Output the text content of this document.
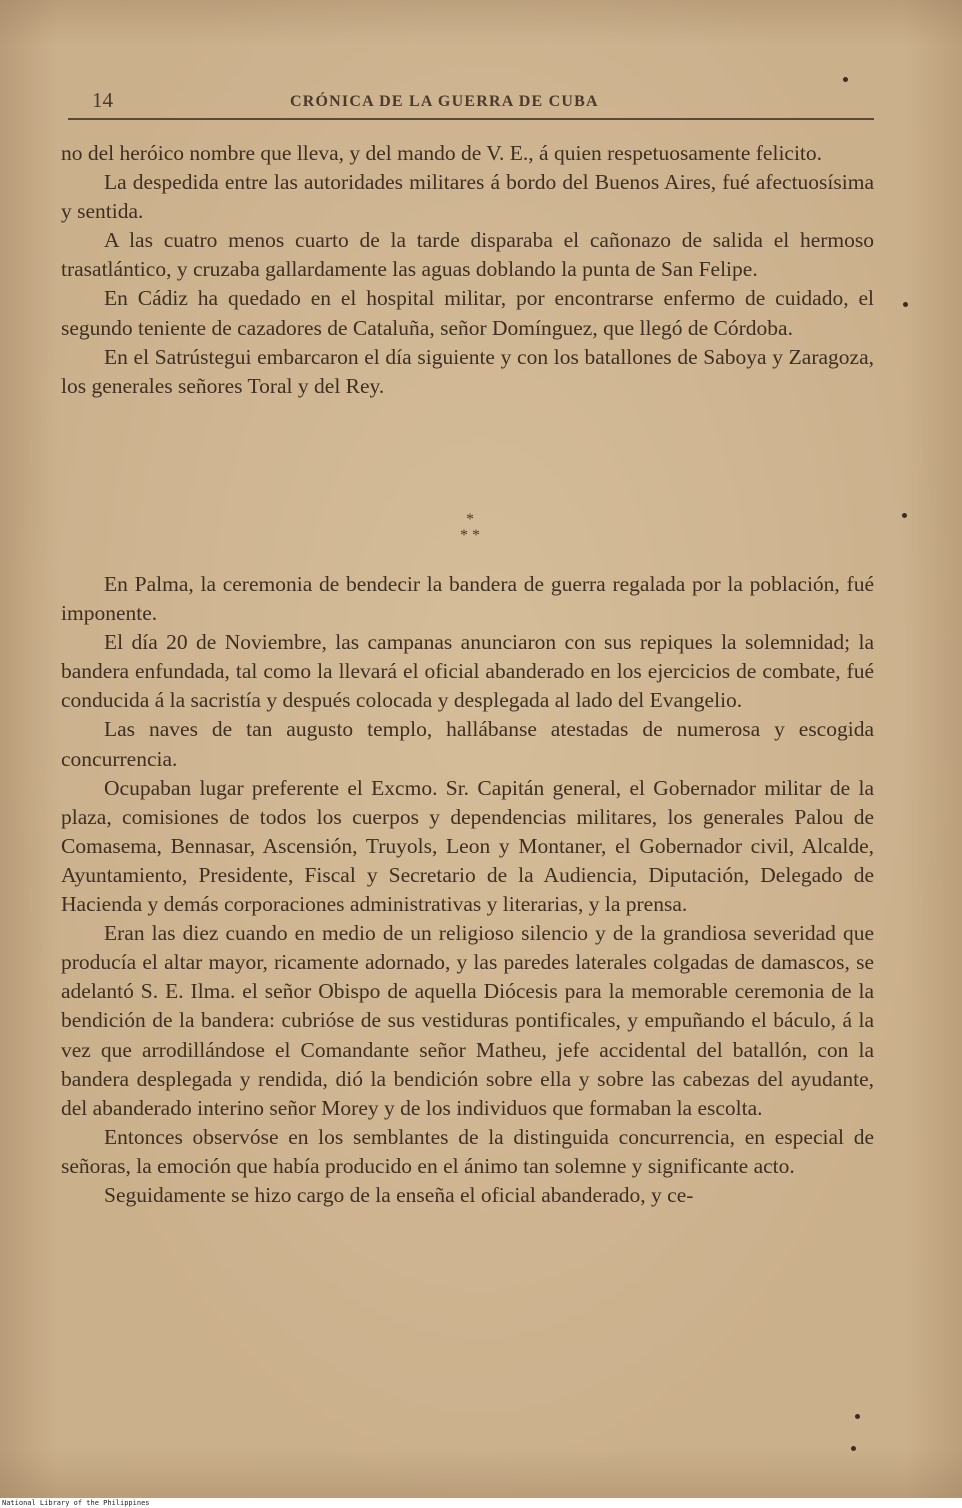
14	CRÓNICA DE LA GUERRA DE CUBA

no del heróico nombre que lleva, y del mando de V. E., á quien respetuosamente felicito.

La despedida entre las autoridades militares á bordo del Buenos Aires, fué afectuosísima y sentida.

A las cuatro menos cuarto de la tarde disparaba el cañonazo de salida el hermoso trasatlántico, y cruzaba gallardamente las aguas doblando la punta de San Felipe.

En Cádiz ha quedado en el hospital militar, por encontrarse enfermo de cuidado, el segundo teniente de cazadores de Cataluña, señor Domínguez, que llegó de Córdoba.

En el Satrústegui embarcaron el día siguiente y con los batallones de Saboya y Zaragoza, los generales señores Toral y del Rey.

*
* *

En Palma, la ceremonia de bendecir la bandera de guerra regalada por la población, fué imponente.

El día 20 de Noviembre, las campanas anunciaron con sus repiques la solemnidad; la bandera enfundada, tal como la llevará el oficial abanderado en los ejercicios de combate, fué conducida á la sacristía y después colocada y desplegada al lado del Evangelio.

Las naves de tan augusto templo, hallábanse atestadas de numerosa y escogida concurrencia.

Ocupaban lugar preferente el Excmo. Sr. Capitán general, el Gobernador militar de la plaza, comisiones de todos los cuerpos y dependencias militares, los generales Palou de Comasema, Bennasar, Ascensión, Truyols, Leon y Montaner, el Gobernador civil, Alcalde, Ayuntamiento, Presidente, Fiscal y Secretario de la Audiencia, Diputación, Delegado de Hacienda y demás corporaciones administrativas y literarias, y la prensa.

Eran las diez cuando en medio de un religioso silencio y de la grandiosa severidad que producía el altar mayor, ricamente adornado, y las paredes laterales colgadas de damascos, se adelantó S. E. Ilma. el señor Obispo de aquella Diócesis para la memorable ceremonia de la bendición de la bandera: cubrióse de sus vestiduras pontificales, y empuñando el báculo, á la vez que arrodillándose el Comandante señor Matheu, jefe accidental del batallón, con la bandera desplegada y rendida, dió la bendición sobre ella y sobre las cabezas del ayudante, del abanderado interino señor Morey y de los individuos que formaban la escolta.

Entonces observóse en los semblantes de la distinguida concurrencia, en especial de señoras, la emoción que había producido en el ánimo tan solemne y significante acto.

Seguidamente se hizo cargo de la enseña el oficial abanderado, y ce-

National Library of the Philippines
